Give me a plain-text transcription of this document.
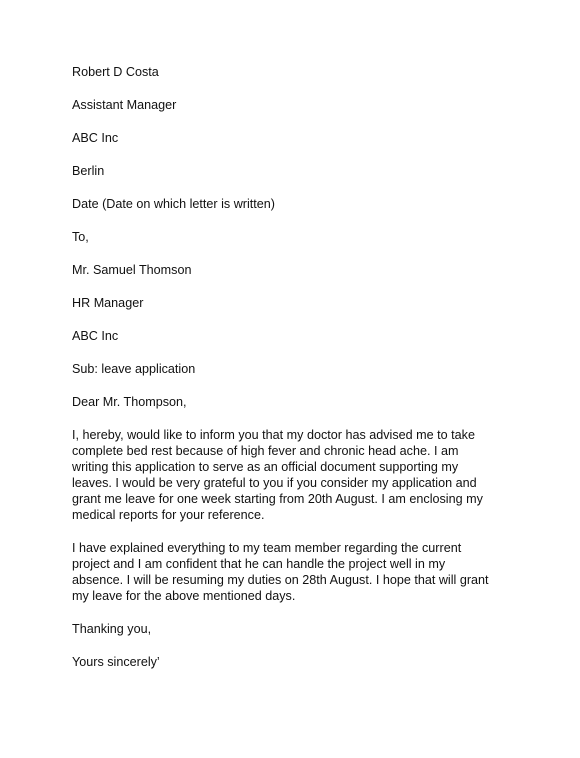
Robert D Costa
Assistant Manager
ABC Inc
Berlin
Date (Date on which letter is written)
To,
Mr. Samuel Thomson
HR Manager
ABC Inc
Sub: leave application
Dear Mr. Thompson,
I, hereby, would like to inform you that my doctor has advised me to take
complete bed rest because of high fever and chronic head ache. I am
writing this application to serve as an official document supporting my
leaves. I would be very grateful to you if you consider my application and
grant me leave for one week starting from 20th August. I am enclosing my
medical reports for your reference.
I have explained everything to my team member regarding the current
project and I am confident that he can handle the project well in my
absence. I will be resuming my duties on 28th August. I hope that will grant
my leave for the above mentioned days.
Thanking you,
Yours sincerely’
